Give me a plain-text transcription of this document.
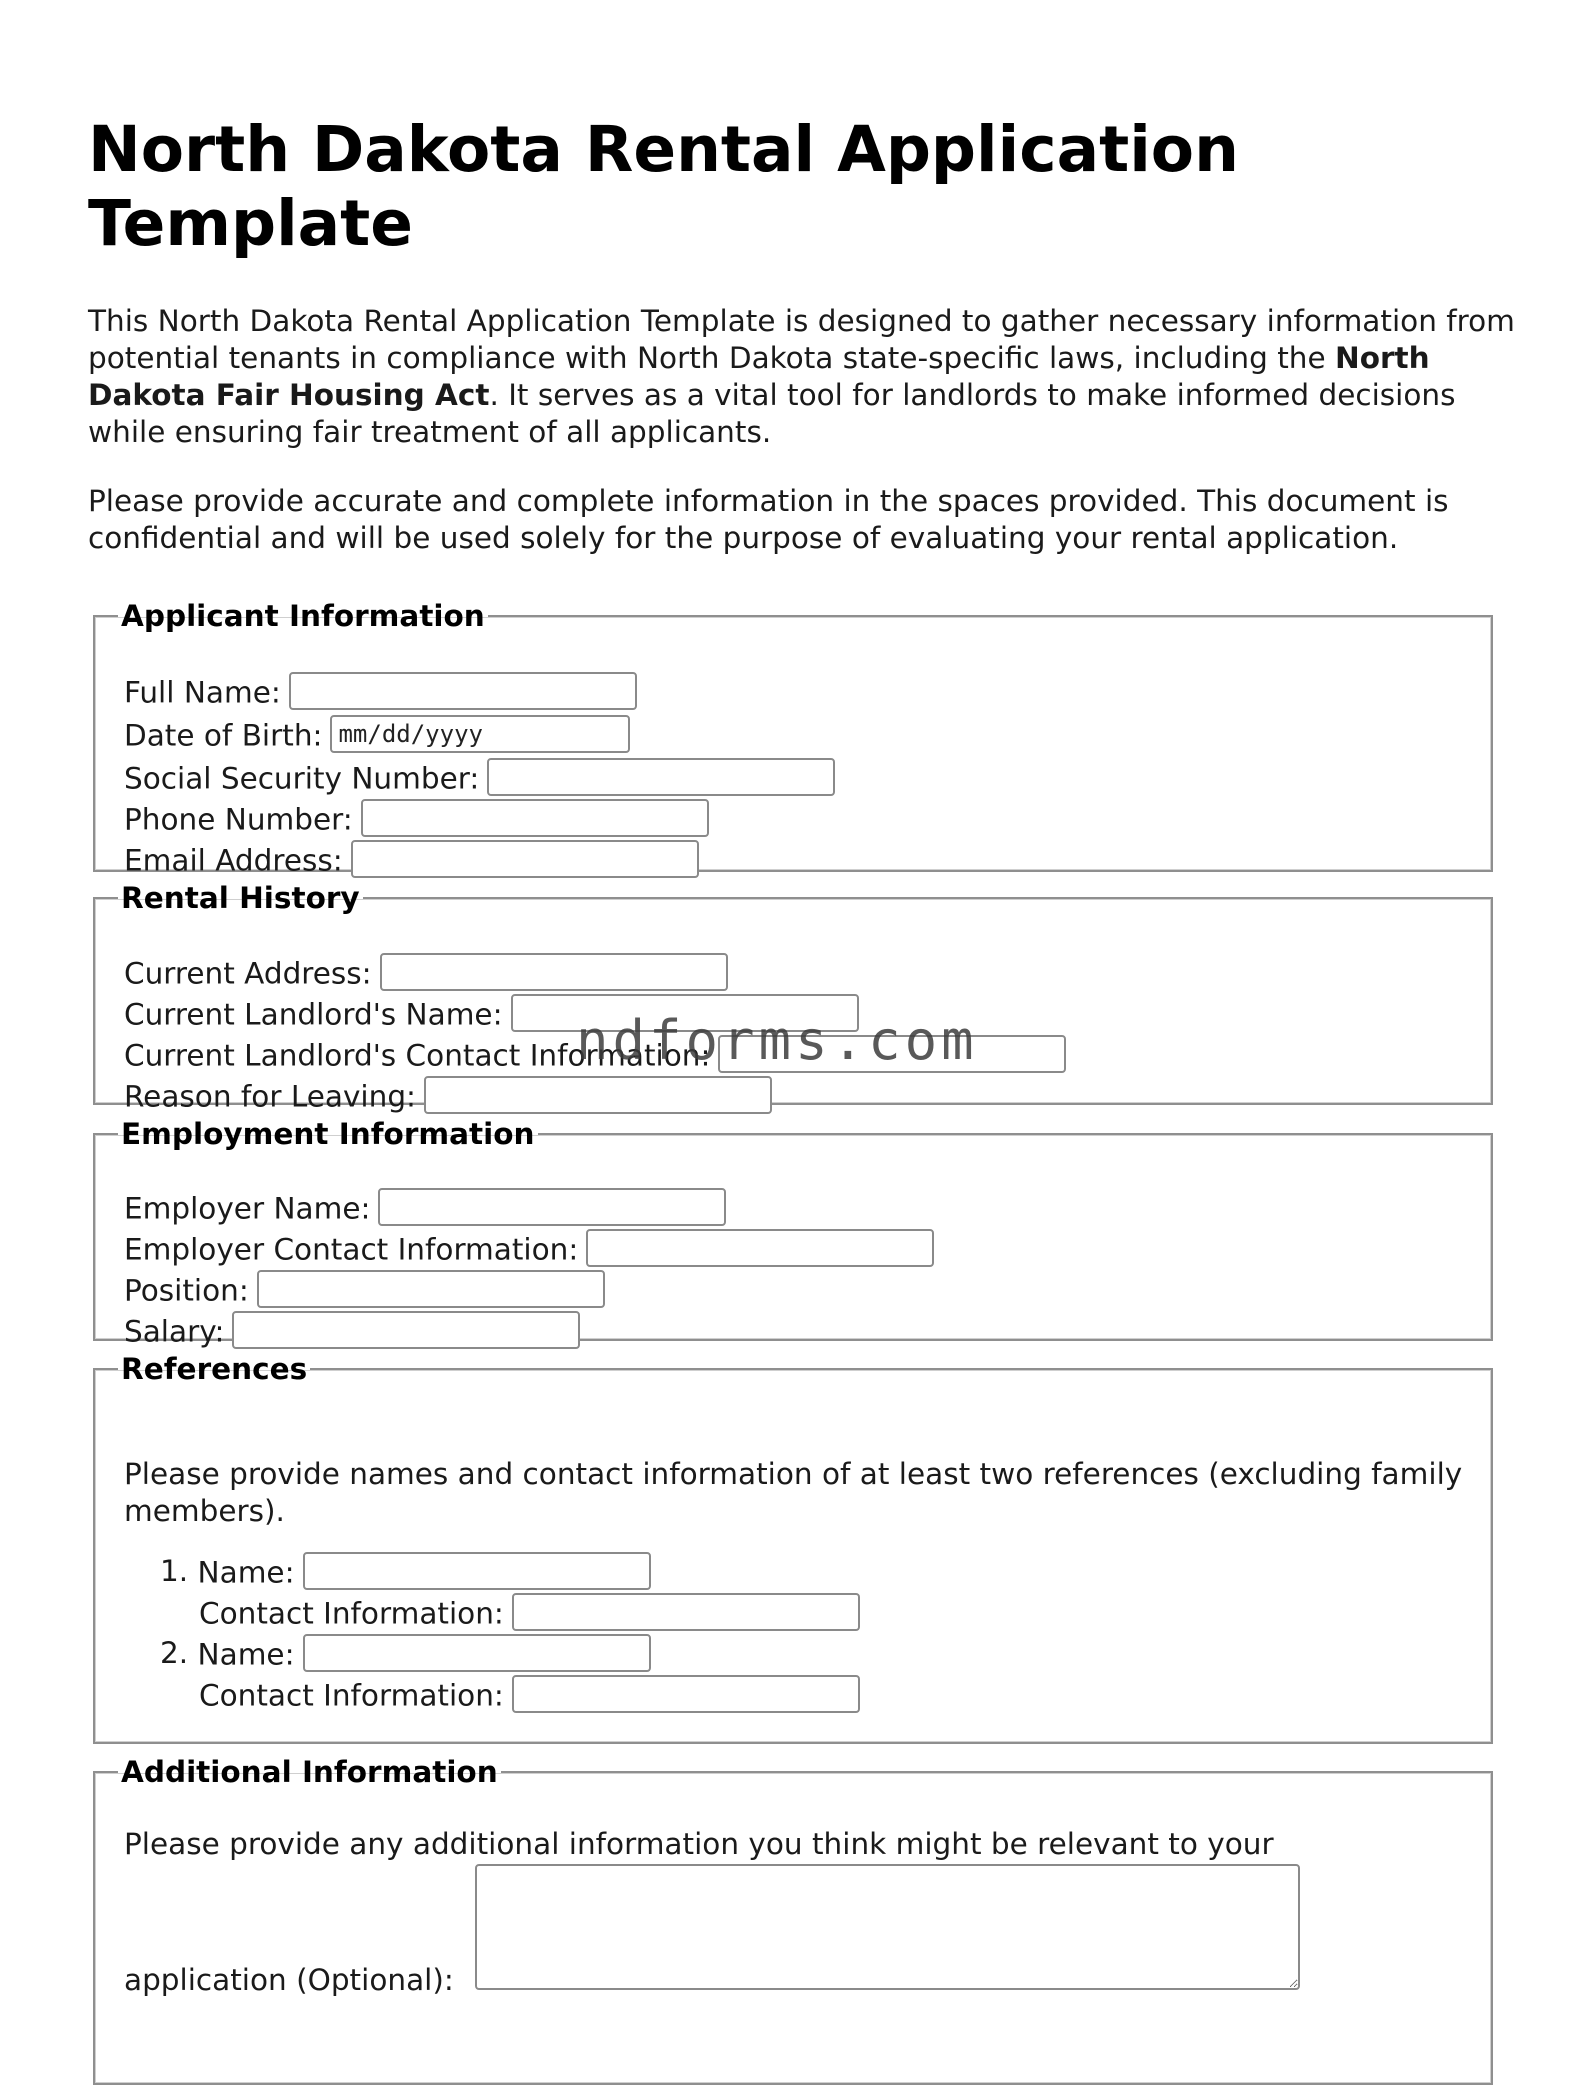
North Dakota Rental Application Template

This North Dakota Rental Application Template is designed to gather necessary information from potential tenants in compliance with North Dakota state-specific laws, including the North Dakota Fair Housing Act. It serves as a vital tool for landlords to make informed decisions while ensuring fair treatment of all applicants.

Please provide accurate and complete information in the spaces provided. This document is confidential and will be used solely for the purpose of evaluating your rental application.

Applicant Information
Full Name:
Date of Birth: mm/dd/yyyy
Social Security Number:
Phone Number:
Email Address:
Rental History
Current Address:
Current Landlord's Name:
Current Landlord's Contact Information:
Reason for Leaving:
Employment Information
Employer Name:
Employer Contact Information:
Position:
Salary:
References
Please provide names and contact information of at least two references (excluding family members).
1. Name:
Contact Information:
2. Name:
Contact Information:
Additional Information
Please provide any additional information you think might be relevant to your
application (Optional):
ndforms.com
